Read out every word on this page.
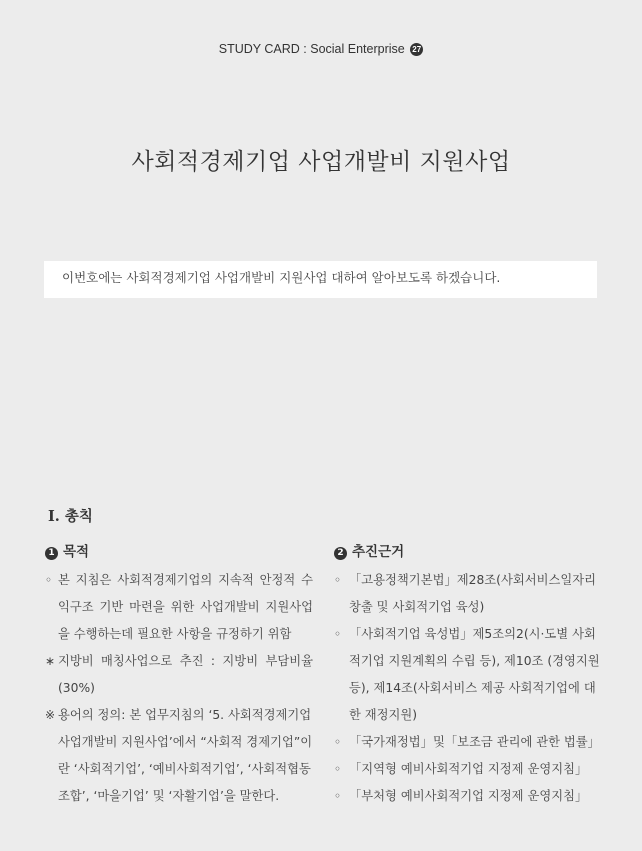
STUDY CARD : Social Enterprise 27
사회적경제기업 사업개발비 지원사업
이번호에는 사회적경제기업 사업개발비 지원사업 대하여 알아보도록 하겠습니다.
Ⅰ. 총칙
1 목적
◦ 본 지침은 사회적경제기업의 지속적 안정적 수익구조 기반 마련을 위한 사업개발비 지원사업을 수행하는데 필요한 사항을 규정하기 위함
∗ 지방비 매칭사업으로 추진 : 지방비 부담비율 (30%)
※ 용어의 정의: 본 업무지침의 ‘5. 사회적경제기업 사업개발비 지원사업’에서 “사회적 경제기업”이란 ‘사회적기업’, ‘예비사회적기업’, ‘사회적협동조합’, ‘마을기업’ 및 ‘자활기업’을 말한다.
2 추진근거
◦ 「고용정책기본법」제28조(사회서비스일자리창출 및 사회적기업 육성)
◦ 「사회적기업 육성법」제5조의2(시·도별 사회적기업 지원계획의 수립 등), 제10조 (경영지원 등), 제14조(사회서비스 제공 사회적기업에 대한 재정지원)
◦ 「국가재정법」및「보조금 관리에 관한 법률」
◦ 「지역형 예비사회적기업 지정제 운영지침」
◦ 「부처형 예비사회적기업 지정제 운영지침」
